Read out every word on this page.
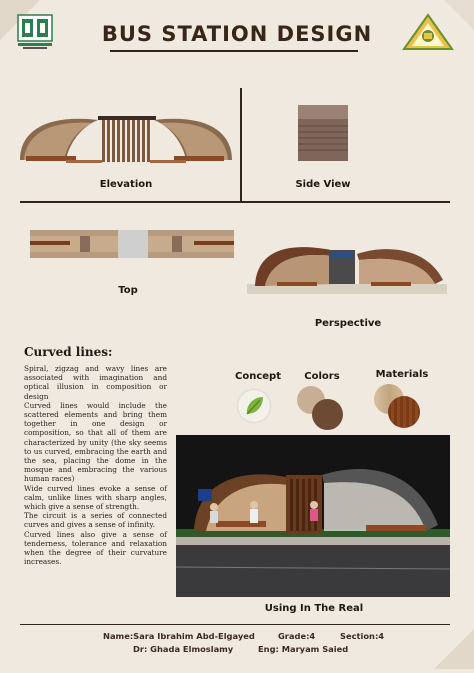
BUS STATION DESIGN
Elevation	Side View
Top
Perspective
Curved lines:
Spiral, zigzag and wavy lines are associated with imagination and optical illusion in composition or design
Curved lines would include the scattered elements and bring them together in one design or composition, so that all of them are characterized by unity (the sky seems to us curved, embracing the earth and the sea, placing the dome in the mosque and embracing the various human races)
Wide curved lines evoke a sense of calm, unlike lines with sharp angles, which give a sense of strength.
The circuit is a series of connected curves and gives a sense of infinity.
Curved lines also give a sense of tenderness, tolerance and relaxation when the degree of their curvature increases.
Concept	Colors	Materials
Using In The Real
Name:Sara Ibrahim Abd-Elgayed	Grade:4	Section:4
Dr: Ghada Elmoslamy	Eng: Maryam Saied
